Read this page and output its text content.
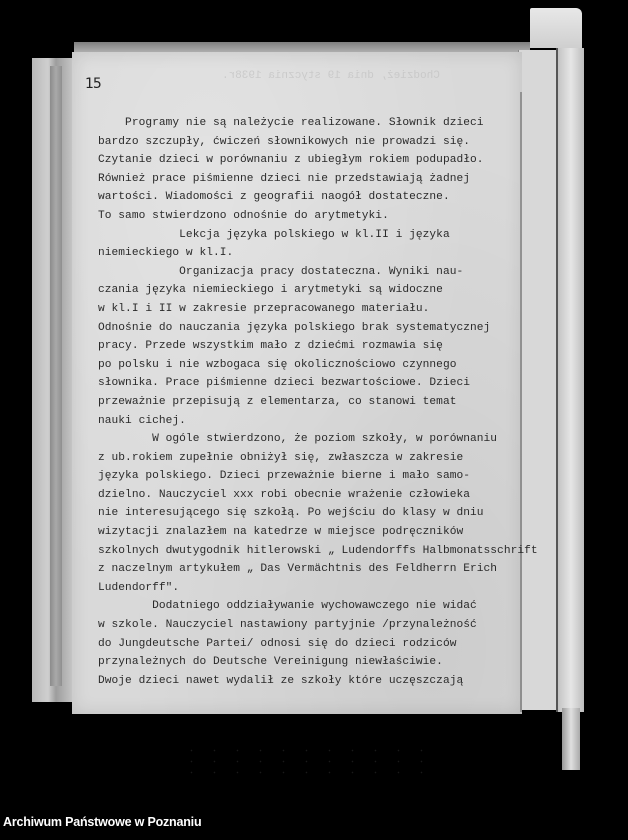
Chodzież, dnia 19 stycznia 1938r.
15
Programy nie są należycie realizowane. Słownik dzieci
bardzo szczupły, ćwiczeń słownikowych nie prowadzi się.
Czytanie dzieci w porównaniu z ubiegłym rokiem podupadło.
Również prace piśmienne dzieci nie przedstawiają żadnej
wartości. Wiadomości z geografii naogół dostateczne.
To samo stwierdzono odnośnie do arytmetyki.
Lekcja języka polskiego w kl.II i języka
niemieckiego w kl.I.
Organizacja pracy dostateczna. Wyniki nau-
czania języka niemieckiego i arytmetyki są widoczne
w kl.I i II w zakresie przepracowanego materiału.
Odnośnie do nauczania języka polskiego brak systematycznej
pracy. Przede wszystkim mało z dziećmi rozmawia się
po polsku i nie wzbogaca się okolicznościowo czynnego
słownika. Prace piśmienne dzieci bezwartościowe. Dzieci
przeważnie przepisują z elementarza, co stanowi temat
nauki cichej.
W ogóle stwierdzono, że poziom szkoły, w porównaniu
z ub.rokiem zupełnie obniżył się, zwłaszcza w zakresie
języka polskiego. Dzieci przeważnie bierne i mało samo-
dzielno. Nauczyciel xxx robi obecnie wrażenie człowieka
nie interesującego się szkołą. Po wejściu do klasy w dniu
wizytacji znalazłem na katedrze w miejsce podręczników
szkolnych dwutygodnik hitlerowski „ Ludendorffs Halbmonatsschrift
z naczelnym artykułem „ Das Vermächtnis des Feldherrn Erich
Ludendorff".
Dodatniego oddziaływanie wychowawczego nie widać
w szkole. Nauczyciel nastawiony partyjnie /przynależność
do Jungdeutsche Partei/ odnosi się do dzieci rodziców
przynależnych do Deutsche Vereinigung niewłaściwie.
Dwoje dzieci nawet wydalił ze szkoły które uczęszczają
Archiwum Państwowe w Poznaniu
